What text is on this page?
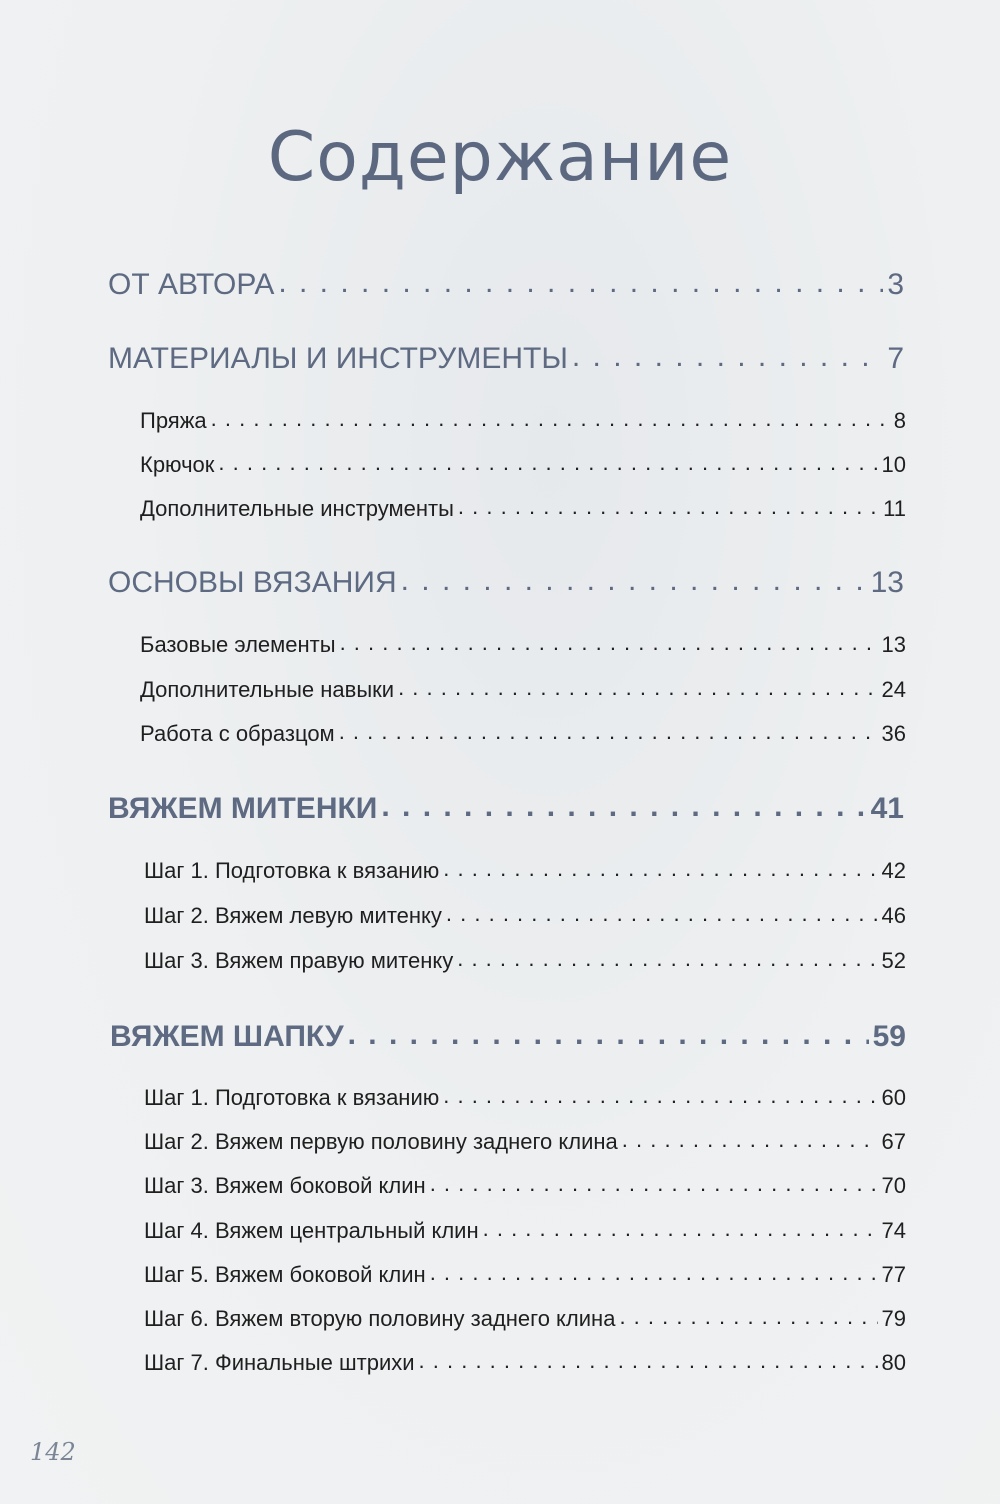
Содержание
ОТ АВТОРА . . .	3
МАТЕРИАЛЫ И ИНСТРУМЕНТЫ . . .	7
Пряжа . . .	8
Крючок . . .	10
Дополнительные инструменты . . .	11
ОСНОВЫ ВЯЗАНИЯ . . .	13
Базовые элементы . . .	13
Дополнительные навыки . . .	24
Работа с образцом . . .	36
ВЯЖЕМ МИТЕНКИ . . .	41
Шаг 1. Подготовка к вязанию . . .	42
Шаг 2. Вяжем левую митенку . . .	46
Шаг 3. Вяжем правую митенку . . .	52
ВЯЖЕМ ШАПКУ . . .	59
Шаг 1. Подготовка к вязанию . . .	60
Шаг 2. Вяжем первую половину заднего клина . . .	67
Шаг 3. Вяжем боковой клин . . .	70
Шаг 4. Вяжем центральный клин . . .	74
Шаг 5. Вяжем боковой клин . . .	77
Шаг 6. Вяжем вторую половину заднего клина . . .	79
Шаг 7. Финальные штрихи . . .	80
142
